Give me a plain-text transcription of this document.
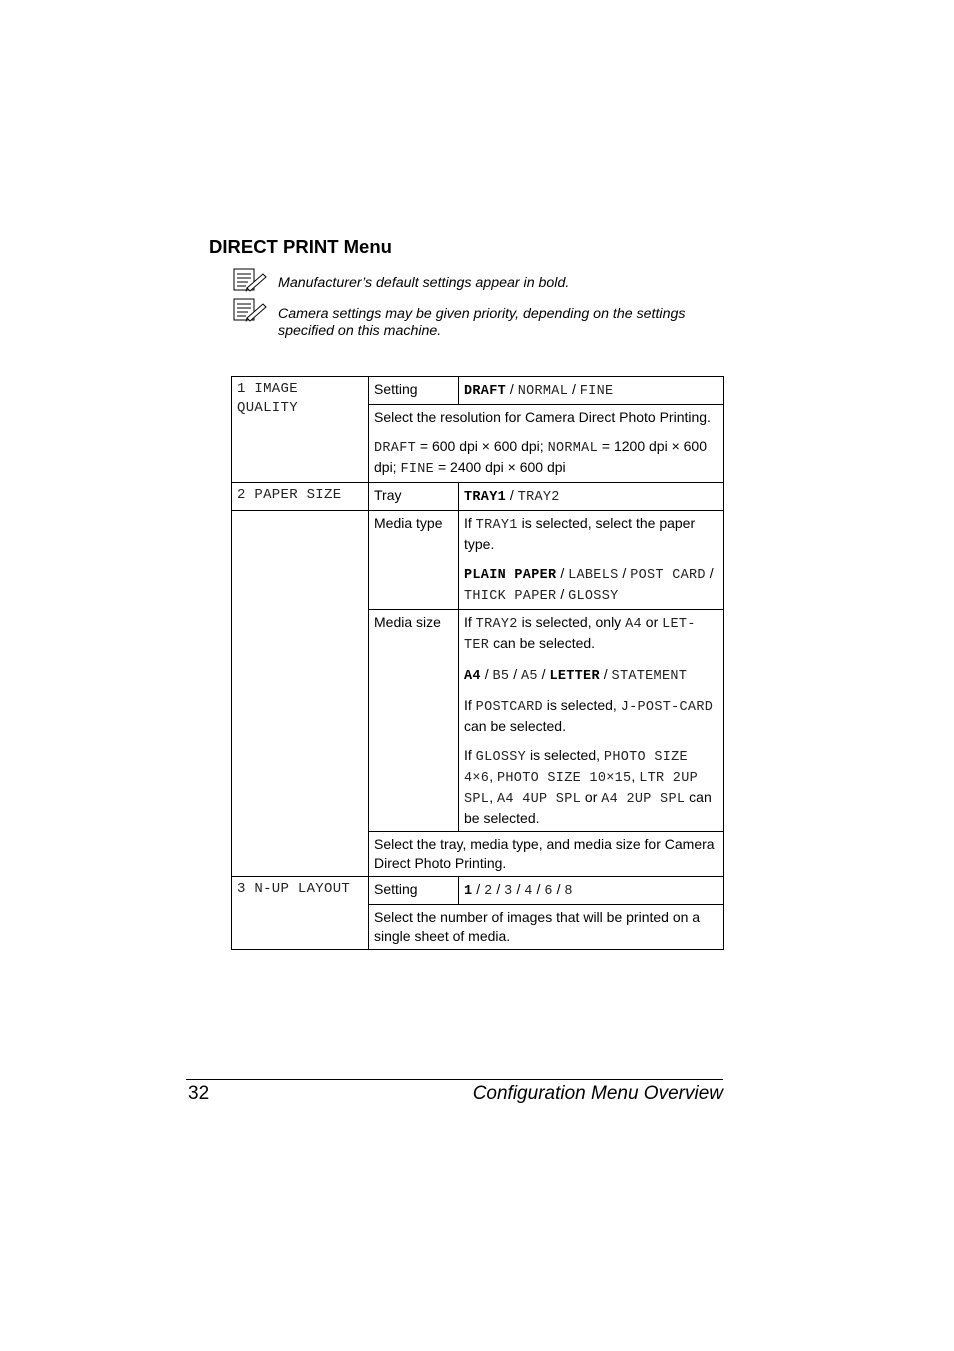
DIRECT PRINT Menu
Manufacturer’s default settings appear in bold.
Camera settings may be given priority, depending on the settings specified on this machine.
1 IMAGE QUALITY	Setting	DRAFT / NORMAL / FINE

	Select the resolution for Camera Direct Photo Printing.

DRAFT = 600 dpi × 600 dpi; NORMAL = 1200 dpi × 600 dpi; FINE = 2400 dpi × 600 dpi	

2 PAPER SIZE	Tray	TRAY1 / TRAY2
	Media type	If TRAY1 is selected, select the paper type.

PLAIN PAPER / LABELS / POST CARD / THICK PAPER / GLOSSY

	Media size	If TRAY2 is selected, only A4 or LET-TER can be selected.

A4 / B5 / A5 / LETTER / STATEMENT

If POSTCARD is selected, J-POST-CARD can be selected.

If GLOSSY is selected, PHOTO SIZE 4×6, PHOTO SIZE 10×15, LTR 2UP SPL, A4 4UP SPL or A4 2UP SPL can be selected.

	Select the tray, media type, and media size for Camera Direct Photo Printing.	
3 N-UP LAYOUT	Setting	1 / 2 / 3 / 4 / 6 / 8
	Select the number of images that will be printed on a single sheet of media.	
32	Configuration Menu Overview
